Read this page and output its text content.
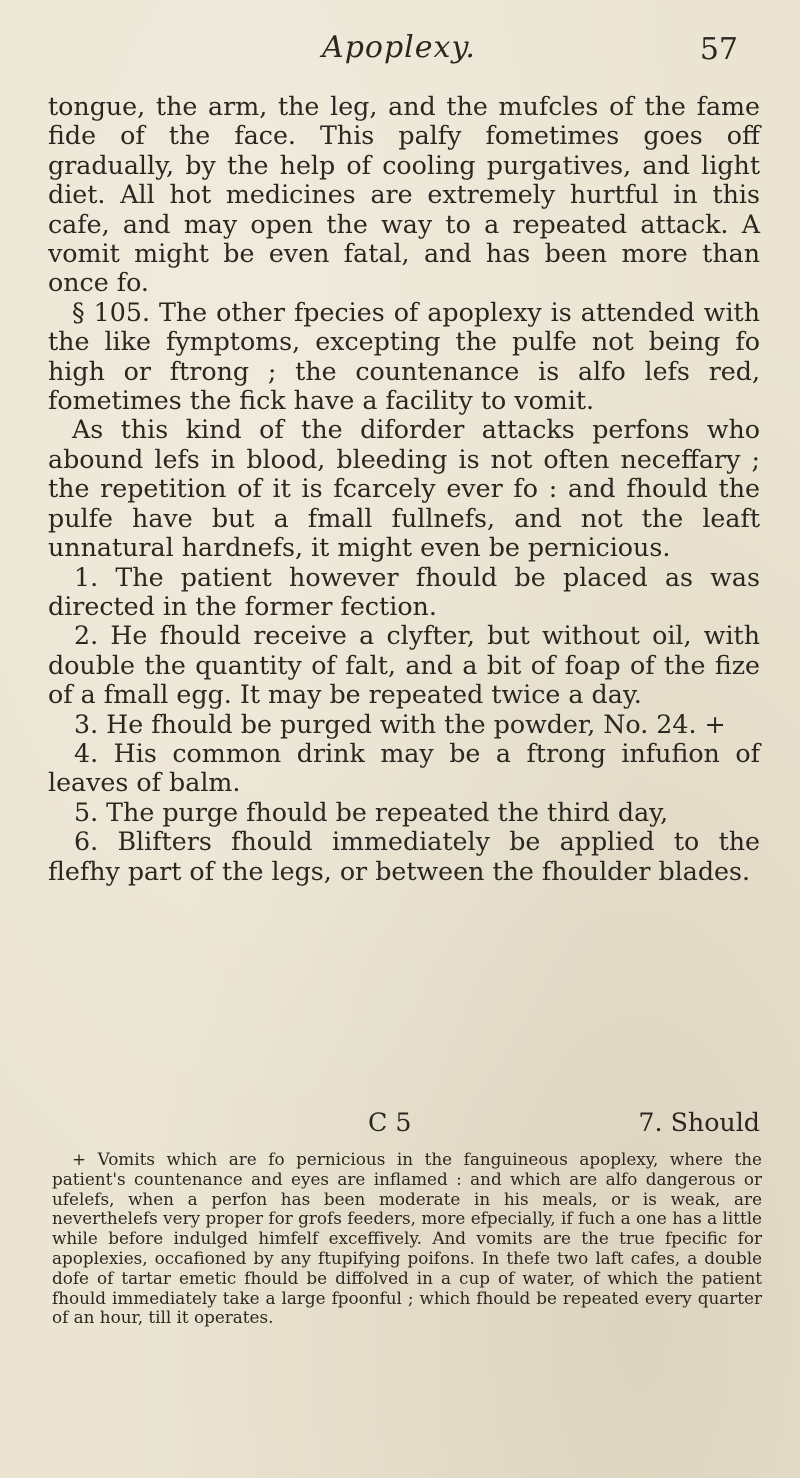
Apoplexy.	57

tongue, the arm, the leg, and the mufcles of the fame fide of the face. This palfy fometimes goes off gradually, by the help of cooling purgatives, and light diet. All hot medicines are extremely hurtful in this cafe, and may open the way to a repeated attack. A vomit might be even fatal, and has been more than once fo.

§ 105. The other fpecies of apoplexy is attended with the like fymptoms, excepting the pulfe not being fo high or ftrong ; the countenance is alfo lefs red, fometimes the fick have a facility to vomit.

As this kind of the diforder attacks perfons who abound lefs in blood, bleeding is not often neceffary ; the repetition of it is fcarcely ever fo : and fhould the pulfe have but a fmall fullnefs, and not the leaft unnatural hardnefs, it might even be pernicious.

1. The patient however fhould be placed as was directed in the former fection.

2. He fhould receive a clyfter, but without oil, with double the quantity of falt, and a bit of foap of the fize of a fmall egg. It may be repeated twice a day.

3. He fhould be purged with the powder, No. 24. +

4. His common drink may be a ftrong infufion of leaves of balm.

5. The purge fhould be repeated the third day,

6. Blifters fhould immediately be applied to the flefhy part of the legs, or between the fhoulder blades.

C 5	7. Should
+ Vomits which are fo pernicious in the fanguineous apoplexy, where the patient's countenance and eyes are inflamed : and which are alfo dangerous or ufelefs, when a perfon has been moderate in his meals, or is weak, are neverthelefs very proper for grofs feeders, more efpecially, if fuch a one has a little while before indulged himfelf exceffively. And vomits are the true fpecific for apoplexies, occafioned by any ftupifying poifons. In thefe two laft cafes, a double dofe of tartar emetic fhould be diffolved in a cup of water, of which the patient fhould immediately take a large fpoonful ; which fhould be repeated every quarter of an hour, till it operates.
